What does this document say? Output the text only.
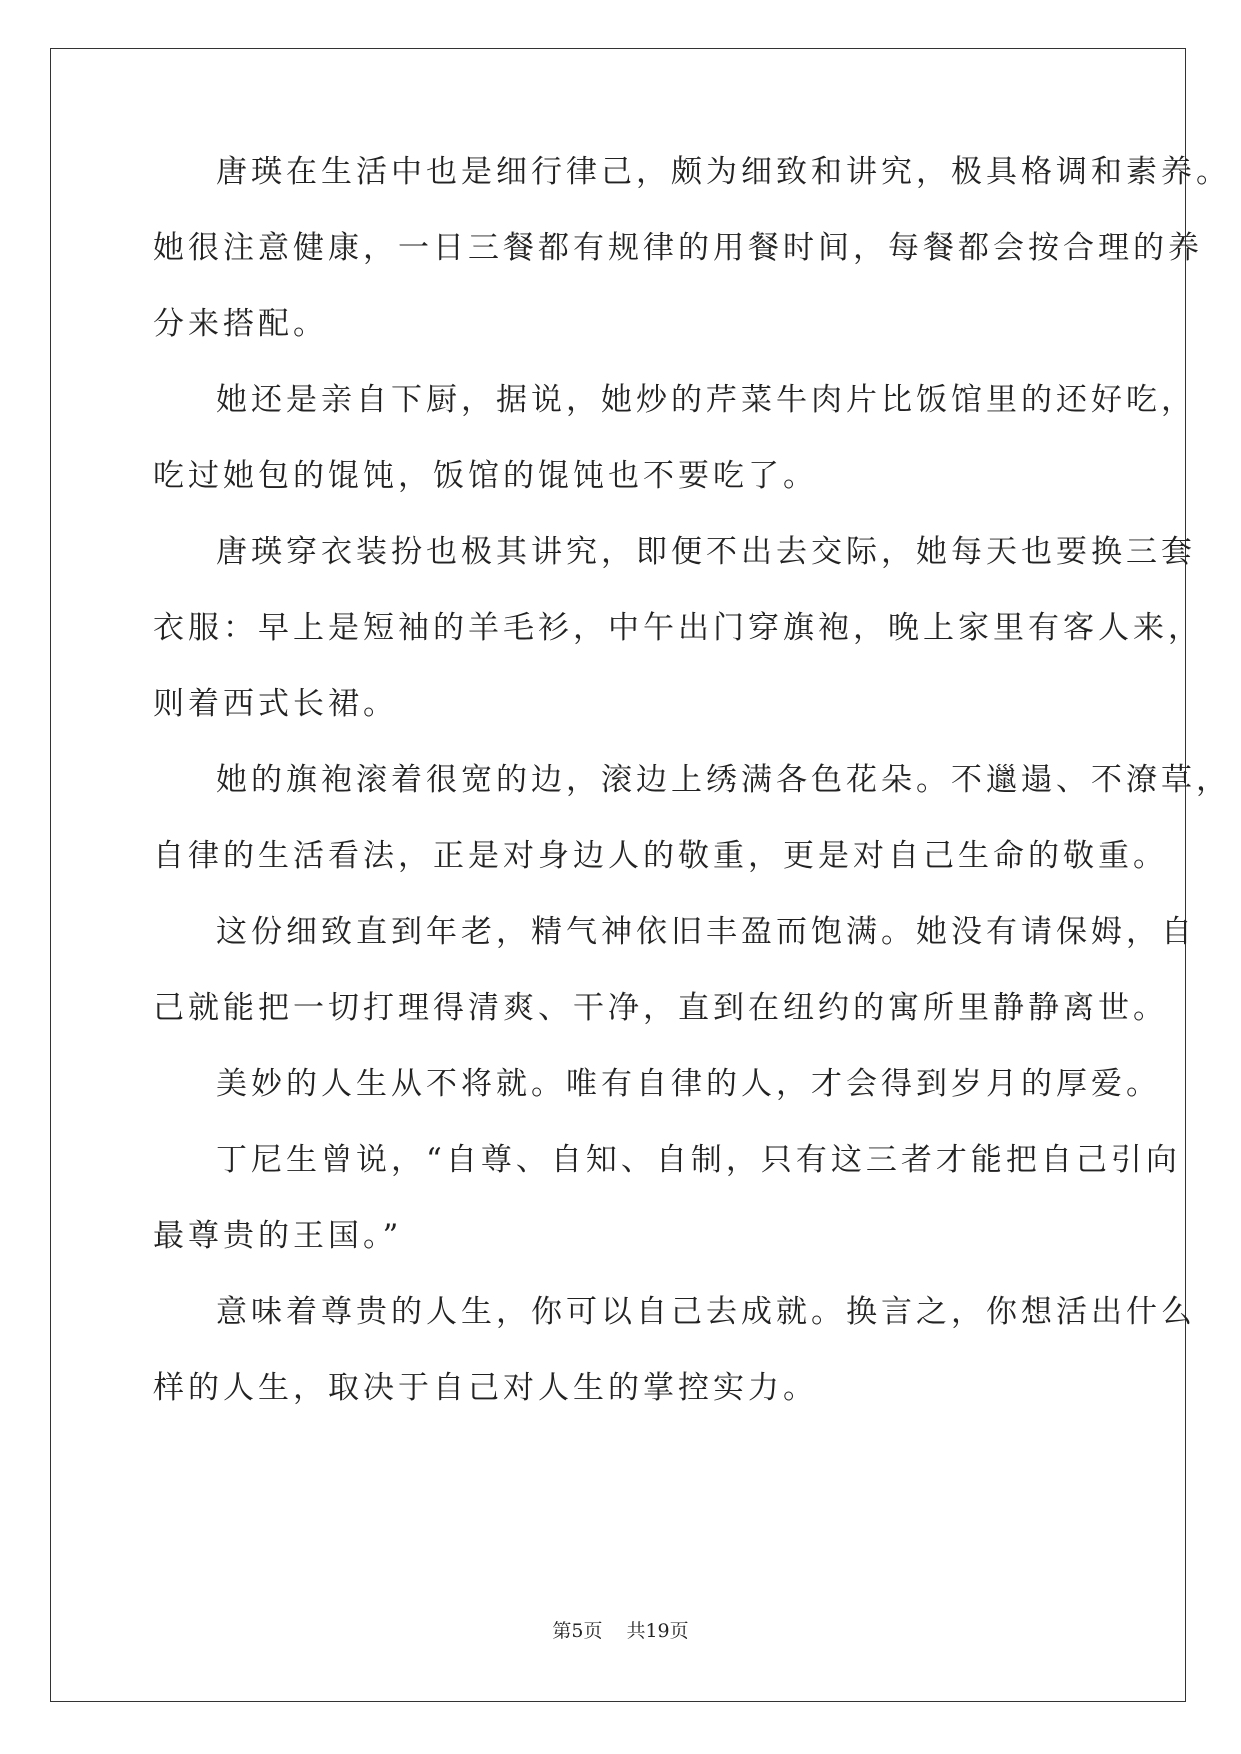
唐瑛在生活中也是细行律己，颇为细致和讲究，极具格调和素养。

她很注意健康，一日三餐都有规律的用餐时间，每餐都会按合理的养

分来搭配。

她还是亲自下厨，据说，她炒的芹菜牛肉片比饭馆里的还好吃，

吃过她包的馄饨，饭馆的馄饨也不要吃了。

唐瑛穿衣装扮也极其讲究，即便不出去交际，她每天也要换三套

衣服：早上是短袖的羊毛衫，中午出门穿旗袍，晚上家里有客人来，

则着西式长裙。

她的旗袍滚着很宽的边，滚边上绣满各色花朵。不邋遢、不潦草，

自律的生活看法，正是对身边人的敬重，更是对自己生命的敬重。

这份细致直到年老，精气神依旧丰盈而饱满。她没有请保姆，自

己就能把一切打理得清爽、干净，直到在纽约的寓所里静静离世。

美妙的人生从不将就。唯有自律的人，才会得到岁月的厚爱。

丁尼生曾说，“自尊、自知、自制，只有这三者才能把自己引向

最尊贵的王国。”

意味着尊贵的人生，你可以自己去成就。换言之，你想活出什么

样的人生，取决于自己对人生的掌控实力。

第5页 共19页
